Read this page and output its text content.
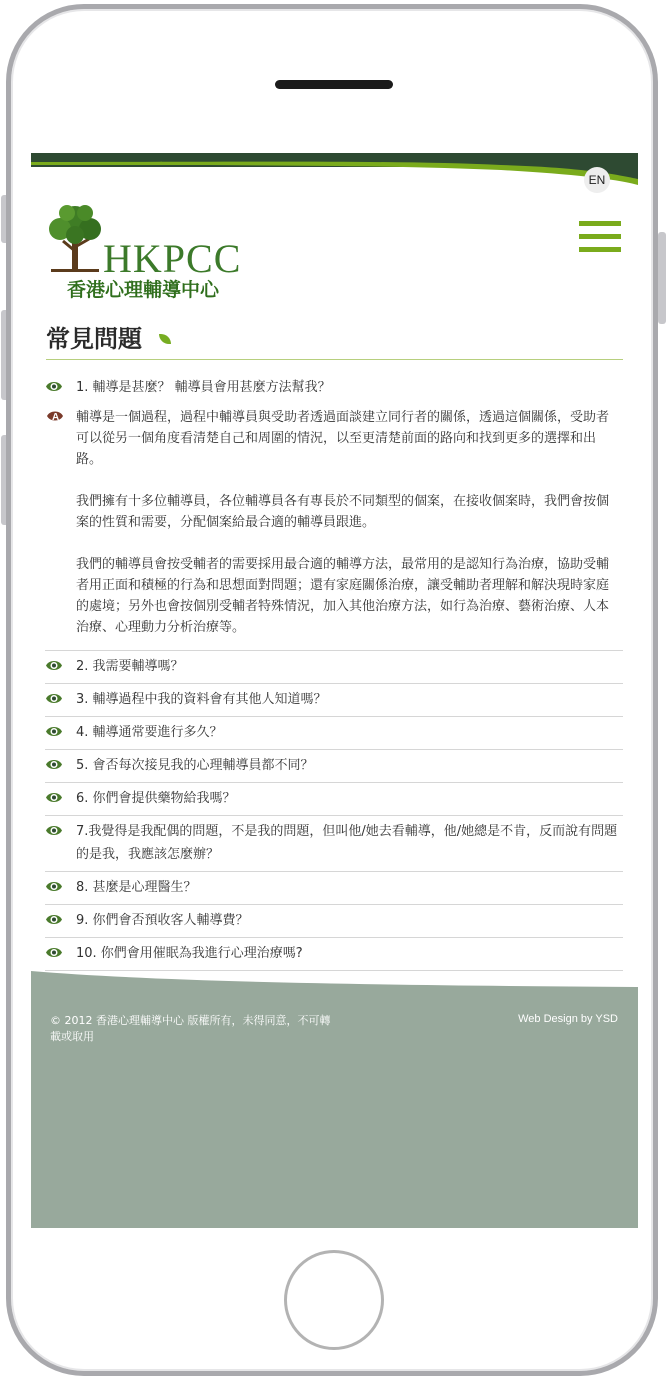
EN
HKPCC
香港心理輔導中心
常見問題
1. 輔導是甚麼？ 輔導員會用甚麼方法幫我？
A 輔導是一個過程，過程中輔導員與受助者透過面談建立同行者的關係，透過這個關係，受助者可以從另一個角度看清楚自己和周圍的情況，以至更清楚前面的路向和找到更多的選擇和出路。

我們擁有十多位輔導員，各位輔導員各有專長於不同類型的個案，在接收個案時，我們會按個案的性質和需要，分配個案給最合適的輔導員跟進。

我們的輔導員會按受輔者的需要採用最合適的輔導方法，最常用的是認知行為治療，協助受輔者用正面和積極的行為和思想面對問題；還有家庭關係治療，讓受輔助者理解和解決現時家庭的處境；另外也會按個別受輔者特殊情況，加入其他治療方法，如行為治療、藝術治療、人本治療、心理動力分析治療等。

2. 我需要輔導嗎？
3. 輔導過程中我的資料會有其他人知道嗎？
4. 輔導通常要進行多久？
5. 會否每次接見我的心理輔導員都不同？
6. 你們會提供藥物給我嗎？
7.我覺得是我配偶的問題，不是我的問題，但叫他/她去看輔導，他/她總是不肯，反而說有問題的是我，我應該怎麼辦？
8. 甚麼是心理醫生？
9. 你們會否預收客人輔導費？
10. 你們會用催眠為我進行心理治療嗎?
© 2012 香港心理輔導中心 版權所有，未得同意，不可轉載或取用
Web Design by YSD
